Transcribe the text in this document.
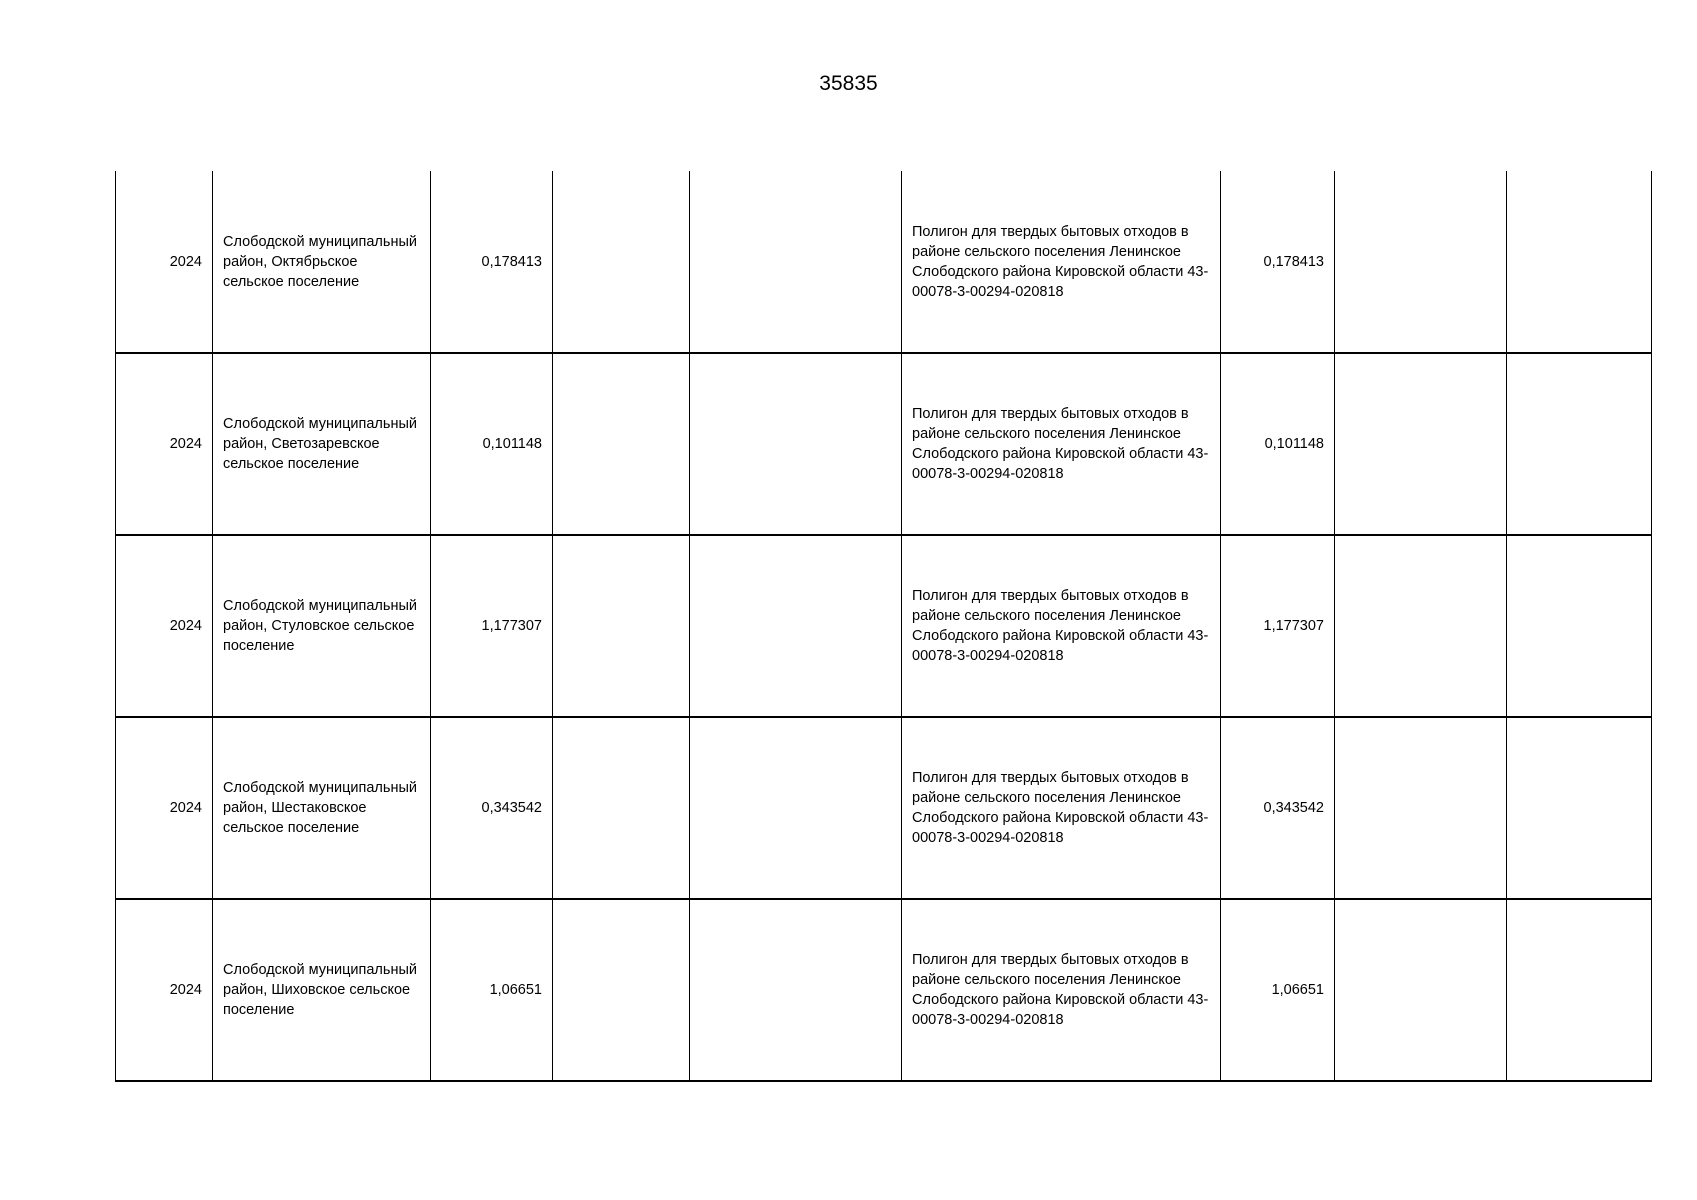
35835
2024	Слободской муниципальный район, Октябрьское сельское поселение	0,178413			Полигон для твердых бытовых отходов в районе сельского поселения Ленинское Слободского района Кировской области 43-00078-3-00294-020818	0,178413		
2024	Слободской муниципальный район, Светозаревское сельское поселение	0,101148			Полигон для твердых бытовых отходов в районе сельского поселения Ленинское Слободского района Кировской области 43-00078-3-00294-020818	0,101148		
2024	Слободской муниципальный район, Стуловское сельское поселение	1,177307			Полигон для твердых бытовых отходов в районе сельского поселения Ленинское Слободского района Кировской области 43-00078-3-00294-020818	1,177307		
2024	Слободской муниципальный район, Шестаковское сельское поселение	0,343542			Полигон для твердых бытовых отходов в районе сельского поселения Ленинское Слободского района Кировской области 43-00078-3-00294-020818	0,343542		
2024	Слободской муниципальный район, Шиховское сельское поселение	1,06651			Полигон для твердых бытовых отходов в районе сельского поселения Ленинское Слободского района Кировской области 43-00078-3-00294-020818	1,06651		
